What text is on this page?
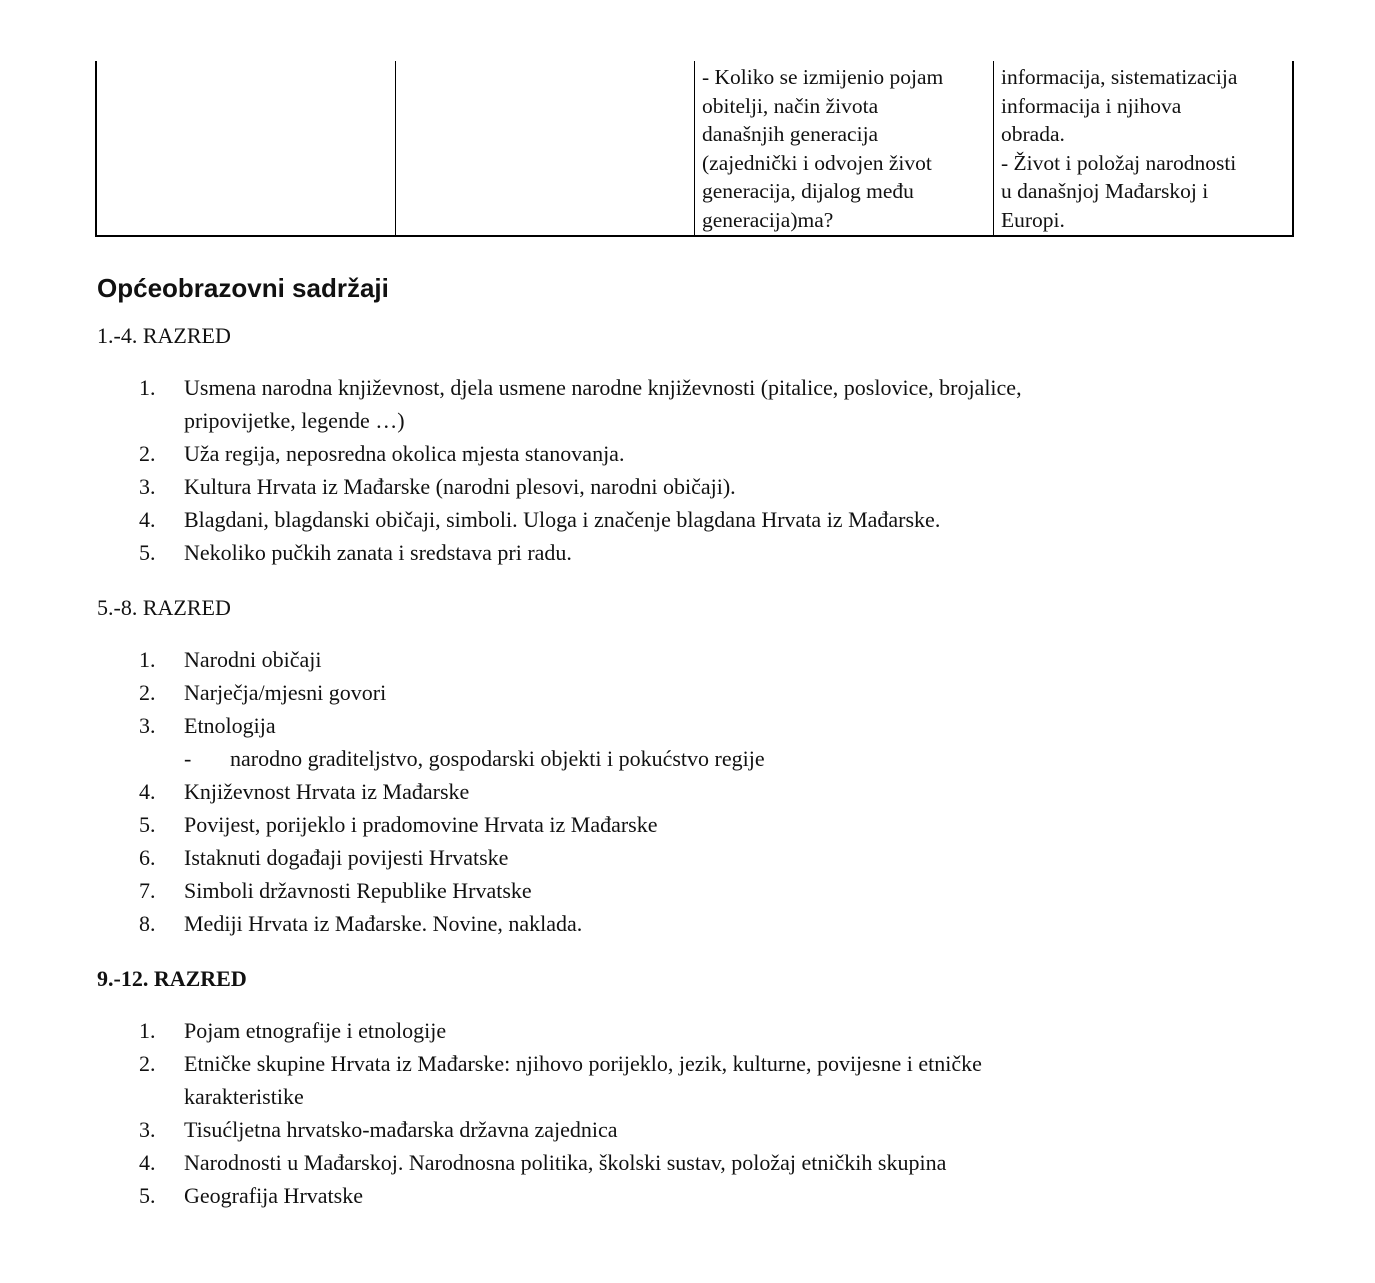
- Koliko se izmijenio pojam
obitelji, način života
današnjih generacija
(zajednički i odvojen život
generacija, dijalog među
generacija)ma?
informacija, sistematizacija
informacija i njihova
obrada.
- Život i položaj narodnosti
u današnjoj Mađarskoj i
Europi.
Općeobrazovni sadržaji
1.-4. RAZRED
1. Usmena narodna književnost, djela usmene narodne književnosti (pitalice, poslovice, brojalice,
pripovijetke, legende …)
2. Uža regija, neposredna okolica mjesta stanovanja.
3. Kultura Hrvata iz Mađarske (narodni plesovi, narodni običaji).
4. Blagdani, blagdanski običaji, simboli. Uloga i značenje blagdana Hrvata iz Mađarske.
5. Nekoliko pučkih zanata i sredstava pri radu.
5.-8. RAZRED
1. Narodni običaji
2. Narječja/mjesni govori
3. Etnologija
- narodno graditeljstvo, gospodarski objekti i pokućstvo regije
4. Književnost Hrvata iz Mađarske
5. Povijest, porijeklo i pradomovine Hrvata iz Mađarske
6. Istaknuti događaji povijesti Hrvatske
7. Simboli državnosti Republike Hrvatske
8. Mediji Hrvata iz Mađarske. Novine, naklada.
9.-12. RAZRED
1. Pojam etnografije i etnologije
2. Etničke skupine Hrvata iz Mađarske: njihovo porijeklo, jezik, kulturne, povijesne i etničke
karakteristike
3. Tisućljetna hrvatsko-mađarska državna zajednica
4. Narodnosti u Mađarskoj. Narodnosna politika, školski sustav, položaj etničkih skupina
5. Geografija Hrvatske
